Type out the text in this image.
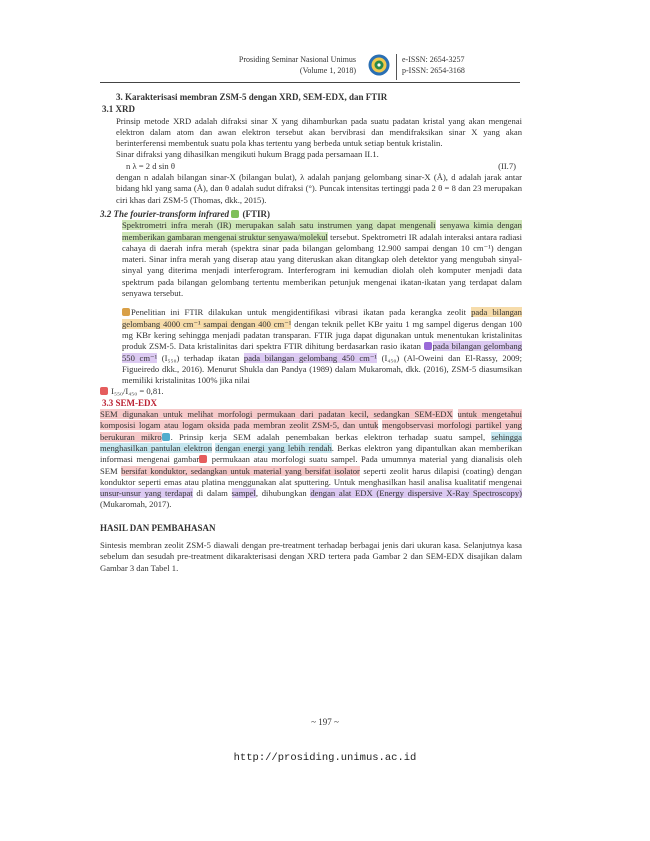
Prosiding Seminar Nasional Unimus
(Volume 1, 2018)
e-ISSN: 2654-3257
p-ISSN: 2654-3168
3. Karakterisasi membran ZSM-5 dengan XRD, SEM-EDX, dan FTIR
3.1 XRD

Prinsip metode XRD adalah difraksi sinar X yang dihamburkan pada suatu padatan kristal yang akan mengenai elektron dalam atom dan awan elektron tersebut akan bervibrasi dan mendifraksikan sinar X yang akan berinterferensi membentuk suatu pola khas tertentu yang berbeda untuk setiap bentuk kristalin.

Sinar difraksi yang dihasilkan mengikuti hukum Bragg pada persamaan II.1.

n λ = 2 d sin θ	(II.7)

dengan n adalah bilangan sinar-X (bilangan bulat), λ adalah panjang gelombang sinar-X (Å), d adalah jarak antar bidang hkl yang sama (Å), dan θ adalah sudut difraksi (°). Puncak intensitas tertinggi pada 2 θ = 8 dan 23 merupakan ciri khas dari ZSM-5 (Thomas, dkk., 2015).

3.2 The fourier-transform infrared (FTIR)

Spektrometri infra merah (IR) merupakan salah satu instrumen yang dapat mengenali senyawa kimia dengan memberikan gambaran mengenai struktur senyawa/molekul tersebut. Spektrometri IR adalah interaksi antara radiasi cahaya di daerah infra merah (spektra sinar pada bilangan gelombang 12.900 sampai dengan 10 cm⁻¹) dengan materi. Sinar infra merah yang diserap atau yang diteruskan akan ditangkap oleh detektor yang mengubah sinyal-sinyal yang diterima menjadi interferogram. Interferogram ini kemudian diolah oleh komputer menjadi data spektrum pada bilangan gelombang tertentu memberikan petunjuk mengenai ikatan-ikatan yang terdapat dalam senyawa tersebut.

Penelitian ini FTIR dilakukan untuk mengidentifikasi vibrasi ikatan pada kerangka zeolit pada bilangan gelombang 4000 cm⁻¹ sampai dengan 400 cm⁻¹ dengan teknik pellet KBr yaitu 1 mg sampel digerus dengan 100 mg KBr kering sehingga menjadi padatan transparan. FTIR juga dapat digunakan untuk menentukan kristalinitas produk ZSM-5. Data kristalinitas dari spektra FTIR dihitung berdasarkan rasio ikatan pada bilangan gelombang 550 cm⁻¹ (I₅₅₀) terhadap ikatan pada bilangan gelombang 450 cm⁻¹ (I₄₅₀) (Al-Oweini dan El-Rassy, 2009; Figueiredo dkk., 2016). Menurut Shukla dan Pandya (1989) dalam Mukaromah, dkk. (2016), ZSM-5 diasumsikan memiliki kristalinitas 100% jika nilai

I₅₅₀/I₄₅₀ = 0,81.

3.3 SEM-EDX

SEM digunakan untuk melihat morfologi permukaan dari padatan kecil, sedangkan SEM-EDX untuk mengetahui komposisi logam atau logam oksida pada membran zeolit ZSM-5, dan untuk mengobservasi morfologi partikel yang berukuran mikro . Prinsip kerja SEM adalah penembakan berkas elektron terhadap suatu sampel, sehingga menghasilkan pantulan elektron dengan energi yang lebih rendah. Berkas elektron yang dipantulkan akan memberikan informasi mengenai gambar permukaan atau morfologi suatu sampel. Pada umumnya material yang dianalisis oleh SEM bersifat konduktor, sedangkan untuk material yang bersifat isolator seperti zeolit harus dilapisi (coating) dengan konduktor seperti emas atau platina menggunakan alat sputtering. Untuk menghasilkan hasil analisa kualitatif mengenai unsur-unsur yang terdapat di dalam sampel, dihubungkan dengan alat EDX (Energy dispersive X-Ray Spectroscopy) (Mukaromah, 2017).

HASIL DAN PEMBAHASAN

Sintesis membran zeolit ZSM-5 diawali dengan pre-treatment terhadap berbagai jenis dari ukuran kasa. Selanjutnya kasa sebelum dan sesudah pre-treatment dikarakterisasi dengan XRD tertera pada Gambar 2 dan SEM-EDX disajikan dalam Gambar 3 dan Tabel 1.

~ 197 ~
http://prosiding.unimus.ac.id
